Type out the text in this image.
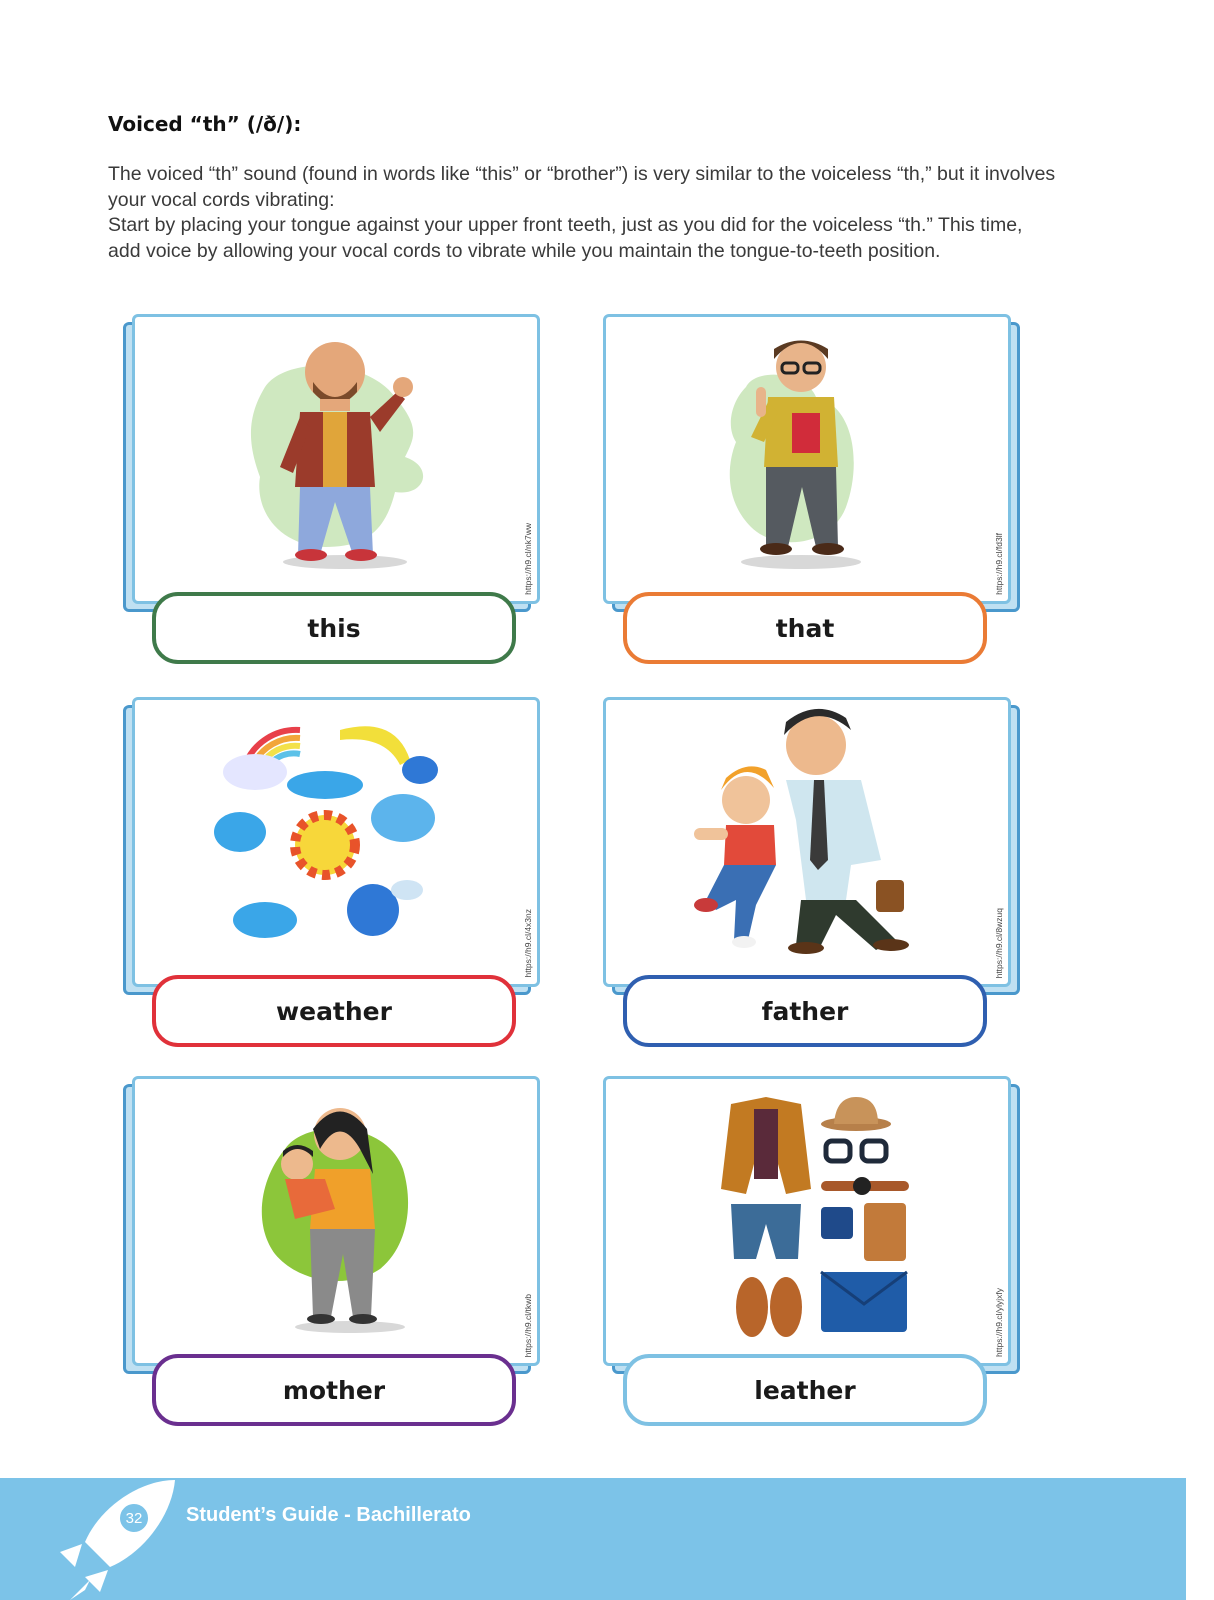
Voiced “th” (/ð/):

The voiced “th” sound (found in words like “this” or “brother”) is very similar to the voiceless “th,” but it involves your vocal cords vibrating:

Start by placing your tongue against your upper front teeth, just as you did for the voiceless “th.” This time, add voice by allowing your vocal cords to vibrate while you maintain the tongue-to-teeth position.

https://h9.cl/nk7ww
this
https://h9.cl/fd3lf
that
https://h9.cl/4x3nz
weather
https://h9.cl/8wzuq
father
https://h9.cl/tkwb
mother
https://h9.cl/ylyjxfy
leather
32	Student’s Guide - Bachillerato
